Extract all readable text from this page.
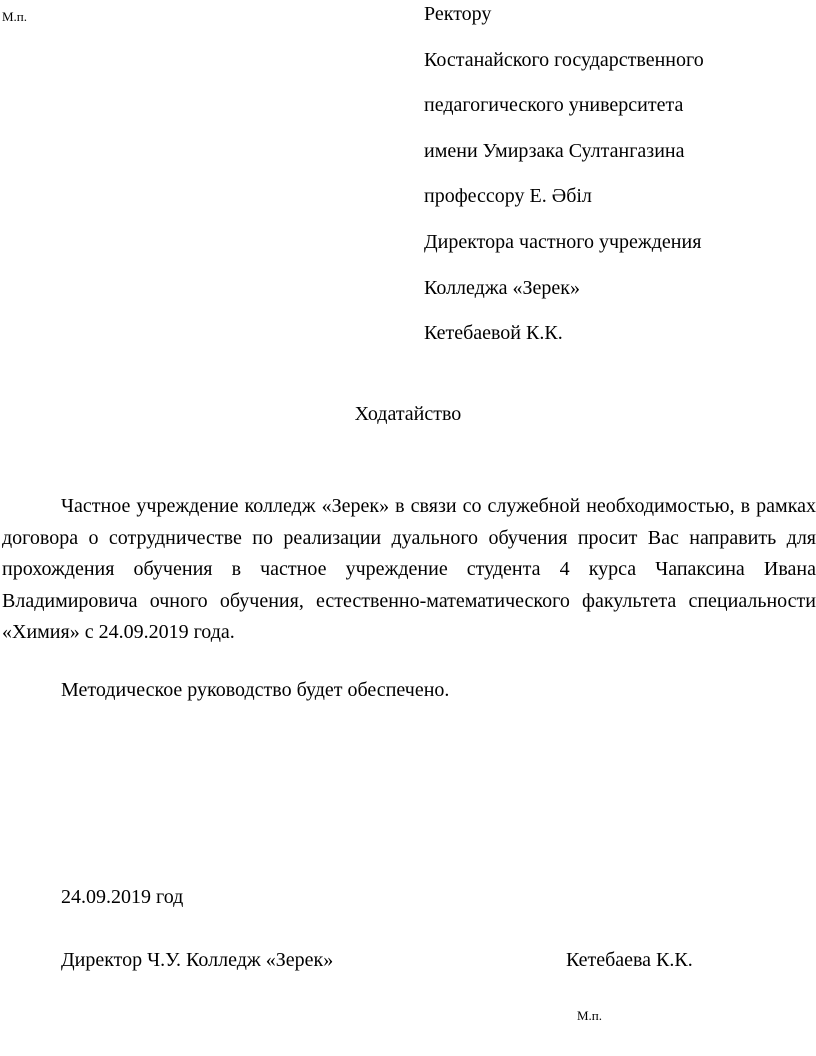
М.п.	Ректору
Костанайского государственного
педагогического университета
имени Умирзака Султангазина
профессору Е. Әбіл
Директора частного учреждения
Колледжа «Зерек»
Кетебаевой К.К.
Ходатайство

Частное учреждение колледж «Зерек» в связи со служебной необходимостью, в рамках договора о сотрудничестве по реализации дуального обучения просит Вас направить для прохождения обучения в частное учреждение студента 4 курса Чапаксина Ивана Владимировича очного обучения, естественно-математического факультета специальности «Химия» с 24.09.2019 года.

Методическое руководство будет обеспечено.

24.09.2019 год
Директор Ч.У. Колледж «Зерек»	Кетебаева К.К.
М.п.
